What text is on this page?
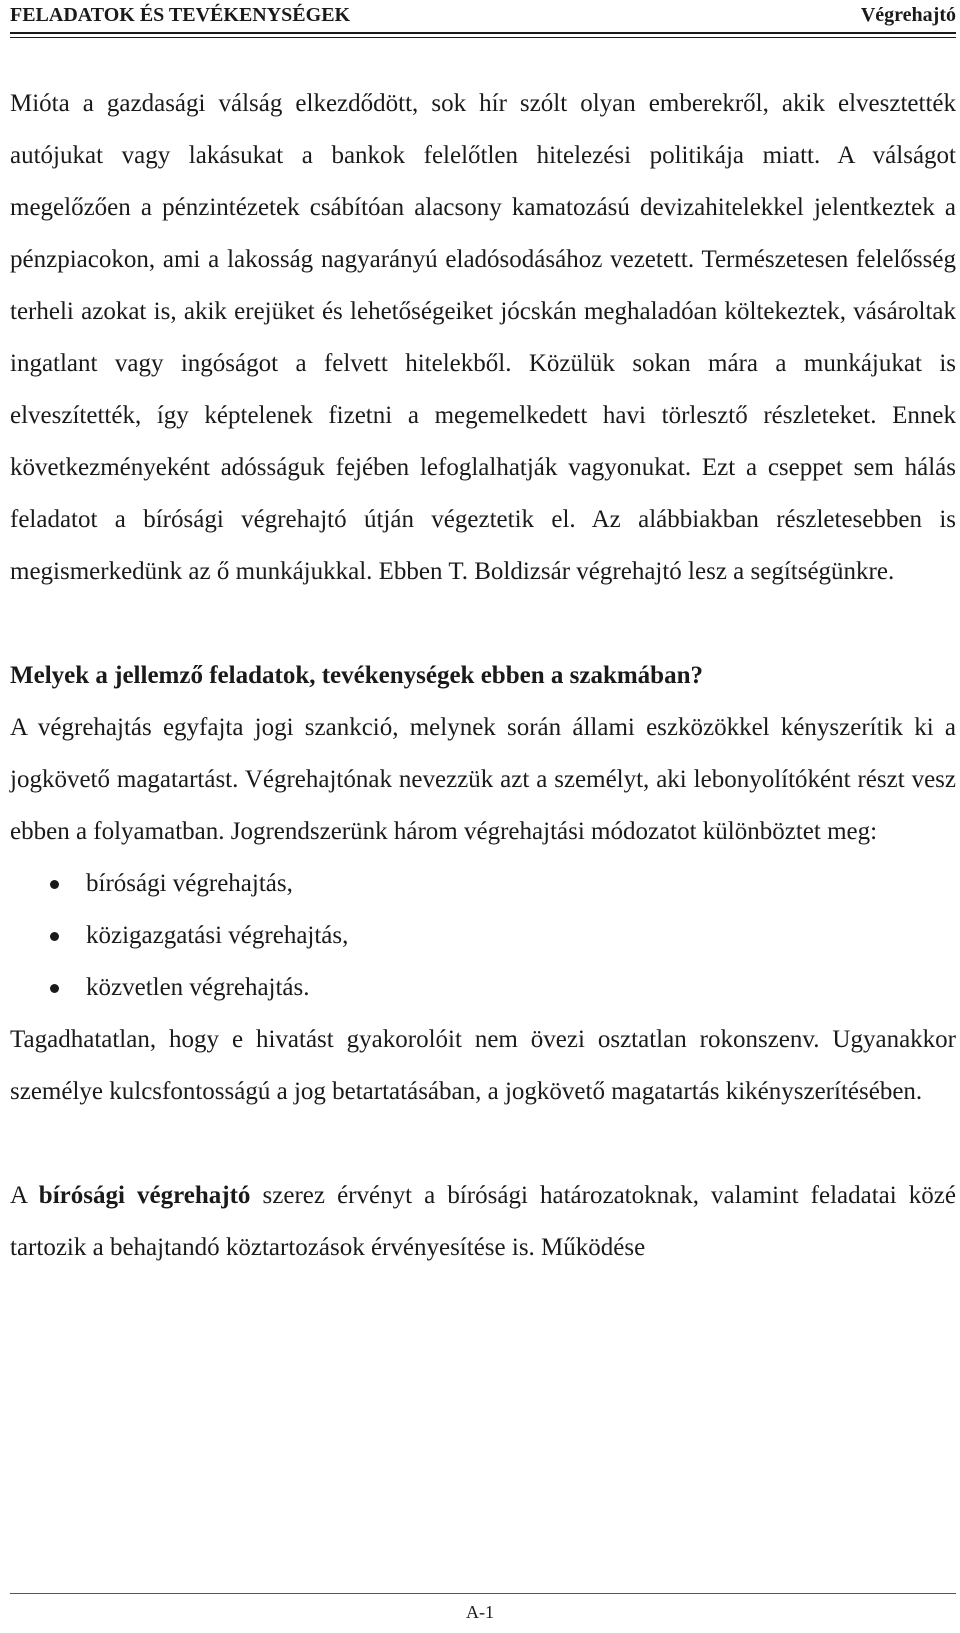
FELADATOK ÉS TEVÉKENYSÉGEK	Végrehajtó

Mióta a gazdasági válság elkezdődött, sok hír szólt olyan emberekről, akik elvesztették autójukat vagy lakásukat a bankok felelőtlen hitelezési politikája miatt. A válságot megelőzően a pénzintézetek csábítóan alacsony kamatozású devizahitelekkel jelentkeztek a pénzpiacokon, ami a lakosság nagyarányú eladósodásához vezetett. Természetesen felelősség terheli azokat is, akik erejüket és lehetőségeiket jócskán meghaladóan költekeztek, vásároltak ingatlant vagy ingóságot a felvett hitelekből. Közülük sokan mára a munkájukat is elveszítették, így képtelenek fizetni a megemelkedett havi törlesztő részleteket. Ennek következményeként adósságuk fejében lefoglalhatják vagyonukat. Ezt a cseppet sem hálás feladatot a bírósági végrehajtó útján végeztetik el. Az alábbiakban részletesebben is megismerkedünk az ő munkájukkal. Ebben T. Boldizsár végrehajtó lesz a segítségünkre.

Melyek a jellemző feladatok, tevékenységek ebben a szakmában?

A végrehajtás egyfajta jogi szankció, melynek során állami eszközökkel kényszerítik ki a jogkövető magatartást. Végrehajtónak nevezzük azt a személyt, aki lebonyolítóként részt vesz ebben a folyamatban. Jogrendszerünk három végrehajtási módozatot különböztet meg:

bírósági végrehajtás,
közigazgatási végrehajtás,
közvetlen végrehajtás.

Tagadhatatlan, hogy e hivatást gyakorolóit nem övezi osztatlan rokonszenv. Ugyanakkor személye kulcsfontosságú a jog betartatásában, a jogkövető magatartás kikényszerítésében.

A bírósági végrehajtó szerez érvényt a bírósági határozatoknak, valamint feladatai közé tartozik a behajtandó köztartozások érvényesítése is. Működése

A-1
